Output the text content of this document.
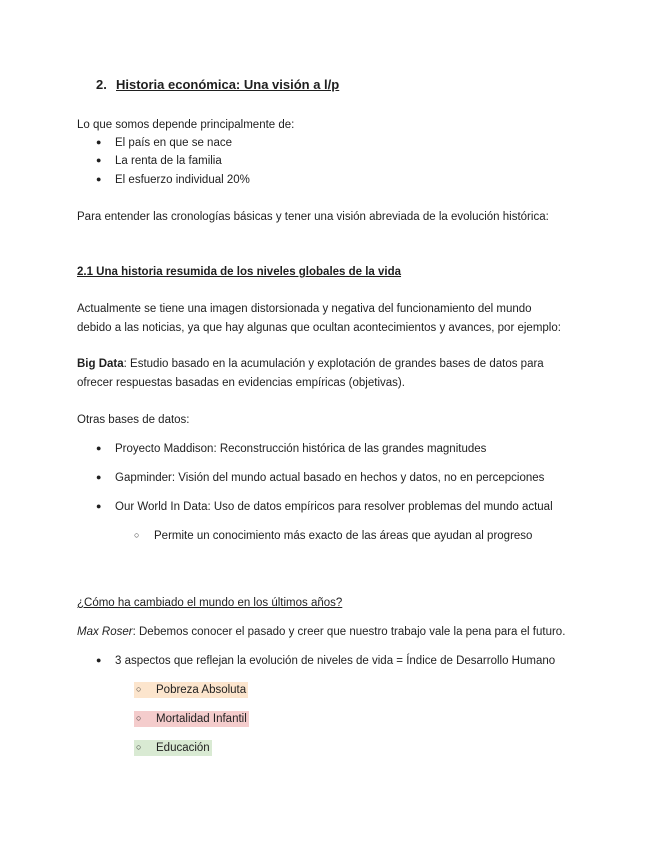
2. Historia económica: Una visión a l/p
Lo que somos depende principalmente de:
● El país en que se nace
● La renta de la familia
● El esfuerzo individual 20%
Para entender las cronologías básicas y tener una visión abreviada de la evolución histórica:
2.1 Una historia resumida de los niveles globales de la vida
Actualmente se tiene una imagen distorsionada y negativa del funcionamiento del mundo
debido a las noticias, ya que hay algunas que ocultan acontecimientos y avances, por ejemplo:
Big Data: Estudio basado en la acumulación y explotación de grandes bases de datos para
ofrecer respuestas basadas en evidencias empíricas (objetivas).
Otras bases de datos:
● Proyecto Maddison: Reconstrucción histórica de las grandes magnitudes
● Gapminder: Visión del mundo actual basado en hechos y datos, no en percepciones
● Our World In Data: Uso de datos empíricos para resolver problemas del mundo actual
○ Permite un conocimiento más exacto de las áreas que ayudan al progreso
¿Cómo ha cambiado el mundo en los últimos años?
Max Roser: Debemos conocer el pasado y creer que nuestro trabajo vale la pena para el futuro.
● 3 aspectos que reflejan la evolución de niveles de vida = Índice de Desarrollo Humano
○ Pobreza Absoluta
○ Mortalidad Infantil
○ Educación
